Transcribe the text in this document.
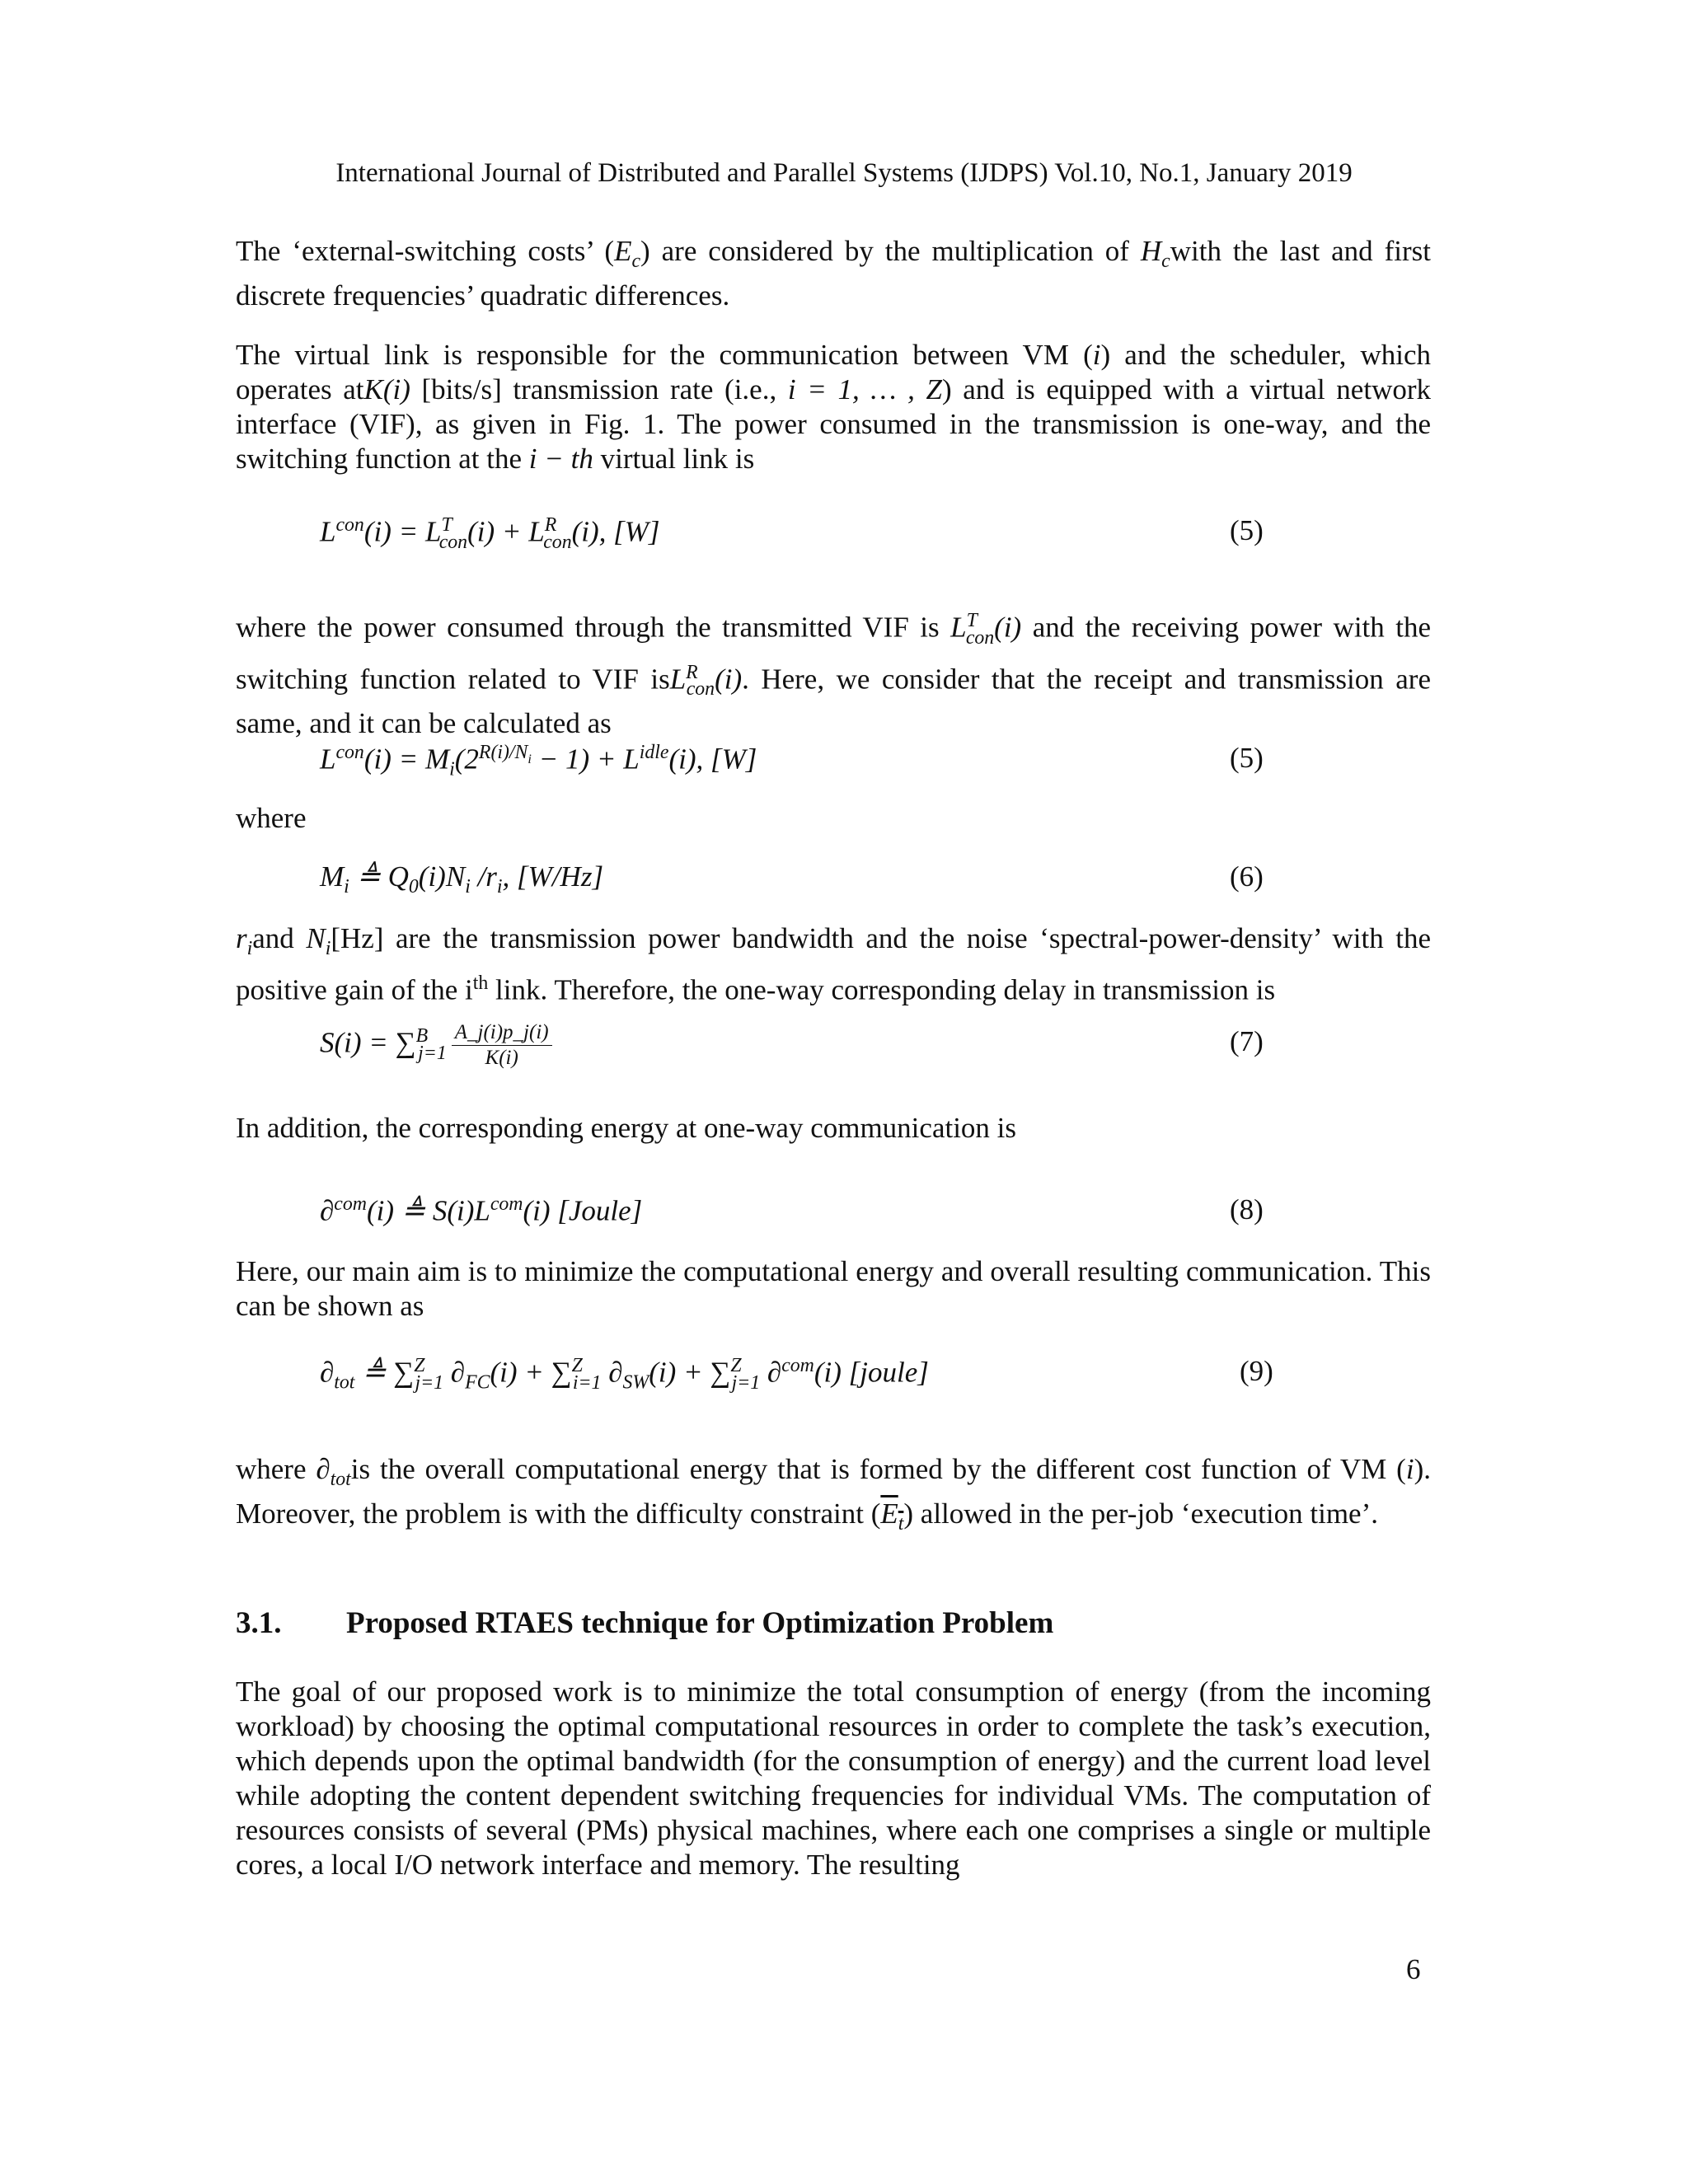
International Journal of Distributed and Parallel Systems (IJDPS) Vol.10, No.1, January 2019
The ‘external-switching costs’ $(E_c)$ are considered by the multiplication of $H_cwith$ the last and first discrete frequencies’ quadratic differences.
The virtual link is responsible for the communication between VM (i) and the scheduler, which operates atK(i) [bits/s] transmission rate (i.e., i = 1, … , Z) and is equipped with a virtual network interface (VIF), as given in Fig. 1. The power consumed in the transmission is one-way, and the switching function at the i − th virtual link is
$L^{con}(i) = L^T_{con}(i) + L^R_{con}(i)$, [W]	(5)
where the power consumed through the transmitted VIF is $L^T_{con}(i)$ and the receiving power with the switching function related to VIF isL$^R_{con}$(i). Here, we consider that the receipt and transmission are same, and it can be calculated as
$L^{con}(i) = M_i(2^{R(i)/N_i} - 1) + L^{idle}(i)$, [W]	(5)
where
$M_i$ ≜ $Q_0(i)N_i$ $/r_i$, [W/Hz]	(6)
$r_iand$ $N_i[Hz]$ are the transmission power bandwidth and the noise ‘spectral-power-density’ with the positive gain of the $i^{th}$ link. Therefore, the one-way corresponding delay in transmission is
$S(i) = \sum^B_{j=1} \frac{A\_j(i)p\_j(i)}{K(i)}$	(7)
In addition, the corresponding energy at one-way communication is
∂$^{com}$(i) ≜ $S(i)L^{com}(i)$ [Joule]	(8)
Here, our main aim is to minimize the computational energy and overall resulting communication. This can be shown as
$\partial_{tot}$ ≜ ∑$^Z_{j=1}$ $\partial_{FC}(i) + \sum^Z_{i=1}$ $\partial_{SW}(i) + \sum^Z_{j=1}$ ∂$^{com}$(i) [joule]	(9)
where $\partial_{tot}is$ the overall computational energy that is formed by the different cost function of VM (i). Moreover, the problem is with the difficulty constraint $(E_t)$ allowed in the per-job ‘execution time’.
3.1. Proposed RTAES technique for Optimization Problem
The goal of our proposed work is to minimize the total consumption of energy (from the incoming workload) by choosing the optimal computational resources in order to complete the task’s execution, which depends upon the optimal bandwidth (for the consumption of energy) and the current load level while adopting the content dependent switching frequencies for individual VMs. The computation of resources consists of several (PMs) physical machines, where each one comprises a single or multiple cores, a local I/O network interface and memory. The resulting
6
